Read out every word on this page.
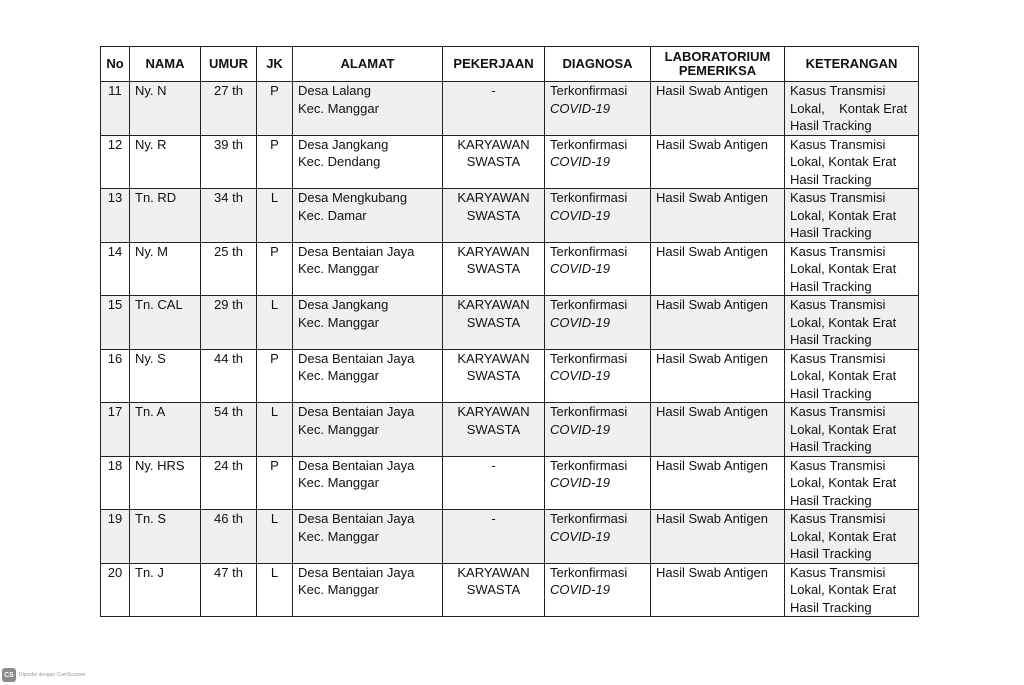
No	NAMA	UMUR	JK	ALAMAT	PEKERJAAN	DIAGNOSA	LABORATORIUM PEMERIKSA	KETERANGAN
11	Ny. N	27 th	P	Desa Lalang
Kec. Manggar	-	Terkonfirmasi
COVID-19	Hasil Swab Antigen	Kasus Transmisi
Lokal,    Kontak Erat
Hasil Tracking

12	Ny. R	39 th	P	Desa Jangkang
Kec. Dendang	KARYAWAN
SWASTA	Terkonfirmasi
COVID-19	Hasil Swab Antigen	Kasus Transmisi
Lokal, Kontak Erat
Hasil Tracking

13	Tn. RD	34 th	L	Desa Mengkubang
Kec. Damar	KARYAWAN
SWASTA	Terkonfirmasi
COVID-19	Hasil Swab Antigen	Kasus Transmisi
Lokal, Kontak Erat
Hasil Tracking

14	Ny. M	25 th	P	Desa Bentaian Jaya
Kec. Manggar	KARYAWAN
SWASTA	Terkonfirmasi
COVID-19	Hasil Swab Antigen	Kasus Transmisi
Lokal, Kontak Erat
Hasil Tracking

15	Tn. CAL	29 th	L	Desa Jangkang
Kec. Manggar	KARYAWAN
SWASTA	Terkonfirmasi
COVID-19	Hasil Swab Antigen	Kasus Transmisi
Lokal, Kontak Erat
Hasil Tracking

16	Ny. S	44 th	P	Desa Bentaian Jaya
Kec. Manggar	KARYAWAN
SWASTA	Terkonfirmasi
COVID-19	Hasil Swab Antigen	Kasus Transmisi
Lokal, Kontak Erat
Hasil Tracking

17	Tn. A	54 th	L	Desa Bentaian Jaya
Kec. Manggar	KARYAWAN
SWASTA	Terkonfirmasi
COVID-19	Hasil Swab Antigen	Kasus Transmisi
Lokal, Kontak Erat
Hasil Tracking

18	Ny. HRS	24 th	P	Desa Bentaian Jaya
Kec. Manggar	-	Terkonfirmasi
COVID-19	Hasil Swab Antigen	Kasus Transmisi
Lokal, Kontak Erat
Hasil Tracking

19	Tn. S	46 th	L	Desa Bentaian Jaya
Kec. Manggar	-	Terkonfirmasi
COVID-19	Hasil Swab Antigen	Kasus Transmisi
Lokal, Kontak Erat
Hasil Tracking

20	Tn. J	47 th	L	Desa Bentaian Jaya
Kec. Manggar	KARYAWAN
SWASTA	Terkonfirmasi
COVID-19	Hasil Swab Antigen	Kasus Transmisi
Lokal, Kontak Erat
Hasil Tracking
CS	Dipindai dengan CamScanner
